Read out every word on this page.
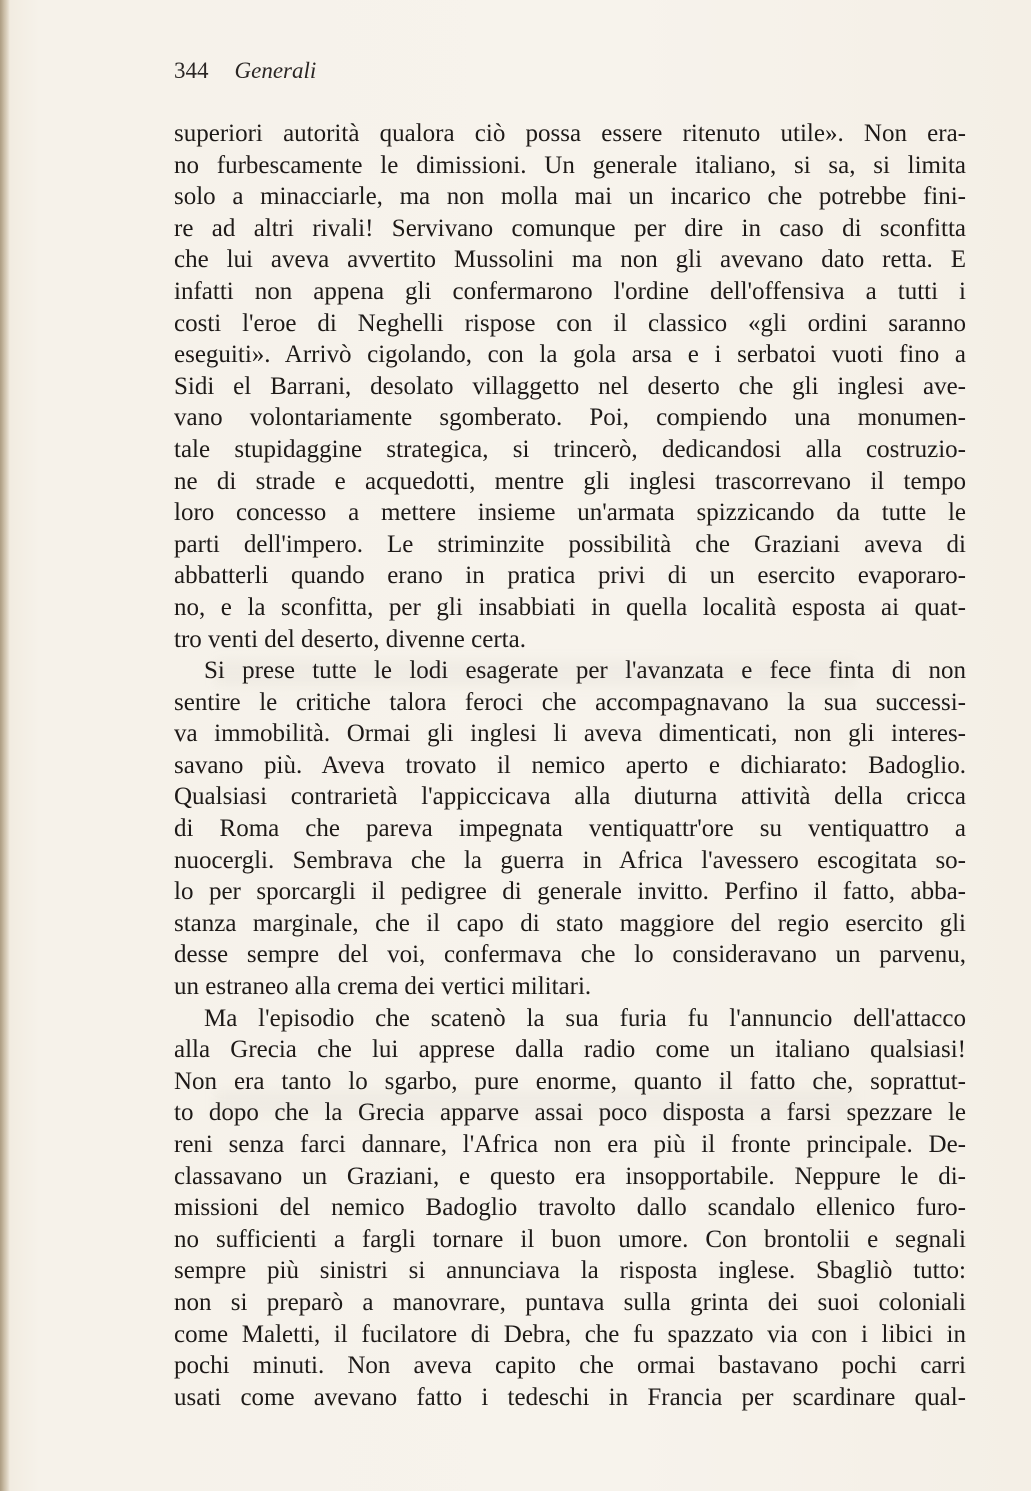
344 Generali
superiori autorità qualora ciò possa essere ritenuto utile». Non era-
no furbescamente le dimissioni. Un generale italiano, si sa, si limita
solo a minacciarle, ma non molla mai un incarico che potrebbe fini-
re ad altri rivali! Servivano comunque per dire in caso di sconfitta
che lui aveva avvertito Mussolini ma non gli avevano dato retta. E
infatti non appena gli confermarono l'ordine dell'offensiva a tutti i
costi l'eroe di Neghelli rispose con il classico «gli ordini saranno
eseguiti». Arrivò cigolando, con la gola arsa e i serbatoi vuoti fino a
Sidi el Barrani, desolato villaggetto nel deserto che gli inglesi ave-
vano volontariamente sgomberato. Poi, compiendo una monumen-
tale stupidaggine strategica, si trincerò, dedicandosi alla costruzio-
ne di strade e acquedotti, mentre gli inglesi trascorrevano il tempo
loro concesso a mettere insieme un'armata spizzicando da tutte le
parti dell'impero. Le striminzite possibilità che Graziani aveva di
abbatterli quando erano in pratica privi di un esercito evaporaro-
no, e la sconfitta, per gli insabbiati in quella località esposta ai quat-
tro venti del deserto, divenne certa.
Si prese tutte le lodi esagerate per l'avanzata e fece finta di non
sentire le critiche talora feroci che accompagnavano la sua successi-
va immobilità. Ormai gli inglesi li aveva dimenticati, non gli interes-
savano più. Aveva trovato il nemico aperto e dichiarato: Badoglio.
Qualsiasi contrarietà l'appiccicava alla diuturna attività della cricca
di Roma che pareva impegnata ventiquattr'ore su ventiquattro a
nuocergli. Sembrava che la guerra in Africa l'avessero escogitata so-
lo per sporcargli il pedigree di generale invitto. Perfino il fatto, abba-
stanza marginale, che il capo di stato maggiore del regio esercito gli
desse sempre del voi, confermava che lo consideravano un parvenu,
un estraneo alla crema dei vertici militari.
Ma l'episodio che scatenò la sua furia fu l'annuncio dell'attacco
alla Grecia che lui apprese dalla radio come un italiano qualsiasi!
Non era tanto lo sgarbo, pure enorme, quanto il fatto che, soprattut-
to dopo che la Grecia apparve assai poco disposta a farsi spezzare le
reni senza farci dannare, l'Africa non era più il fronte principale. De-
classavano un Graziani, e questo era insopportabile. Neppure le di-
missioni del nemico Badoglio travolto dallo scandalo ellenico furo-
no sufficienti a fargli tornare il buon umore. Con brontolii e segnali
sempre più sinistri si annunciava la risposta inglese. Sbagliò tutto:
non si preparò a manovrare, puntava sulla grinta dei suoi coloniali
come Maletti, il fucilatore di Debra, che fu spazzato via con i libici in
pochi minuti. Non aveva capito che ormai bastavano pochi carri
usati come avevano fatto i tedeschi in Francia per scardinare qual-
